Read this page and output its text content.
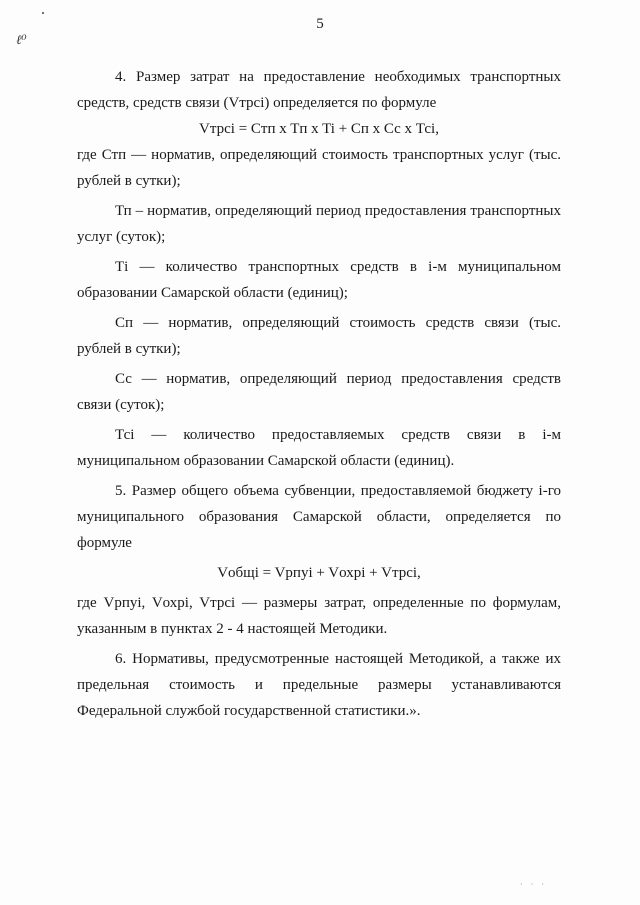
ℓ⁰
5

4. Размер затрат на предоставление необходимых транспортных средств, средств связи (Vтрсi) определяется по формуле

Vтрсi = Cтп x Tп x Ti + Сп x Сс x Тсi,

где Стп — норматив, определяющий стоимость транспортных услуг (тыс. рублей в сутки);

Тп – норматив, определяющий период предоставления транспортных услуг (суток);

Тi — количество транспортных средств в i-м муниципальном образовании Самарской области (единиц);

Сп — норматив, определяющий стоимость средств связи (тыс. рублей в сутки);

Сс — норматив, определяющий период предоставления средств связи (суток);

Тсi — количество предоставляемых средств связи в i-м муниципальном образовании Самарской области (единиц).

5. Размер общего объема субвенции, предоставляемой бюджету i-го муниципального образования Самарской области, определяется по формуле

Vобщi = Vрпуi + Vохрi + Vтрсi,

где Vрпуi, Vохрi, Vтрсi — размеры затрат, определенные по формулам, указанным в пунктах 2 - 4 настоящей Методики.

6. Нормативы, предусмотренные настоящей Методикой, а также их предельная стоимость и предельные размеры устанавливаются Федеральной службой государственной статистики.».

· · ·
